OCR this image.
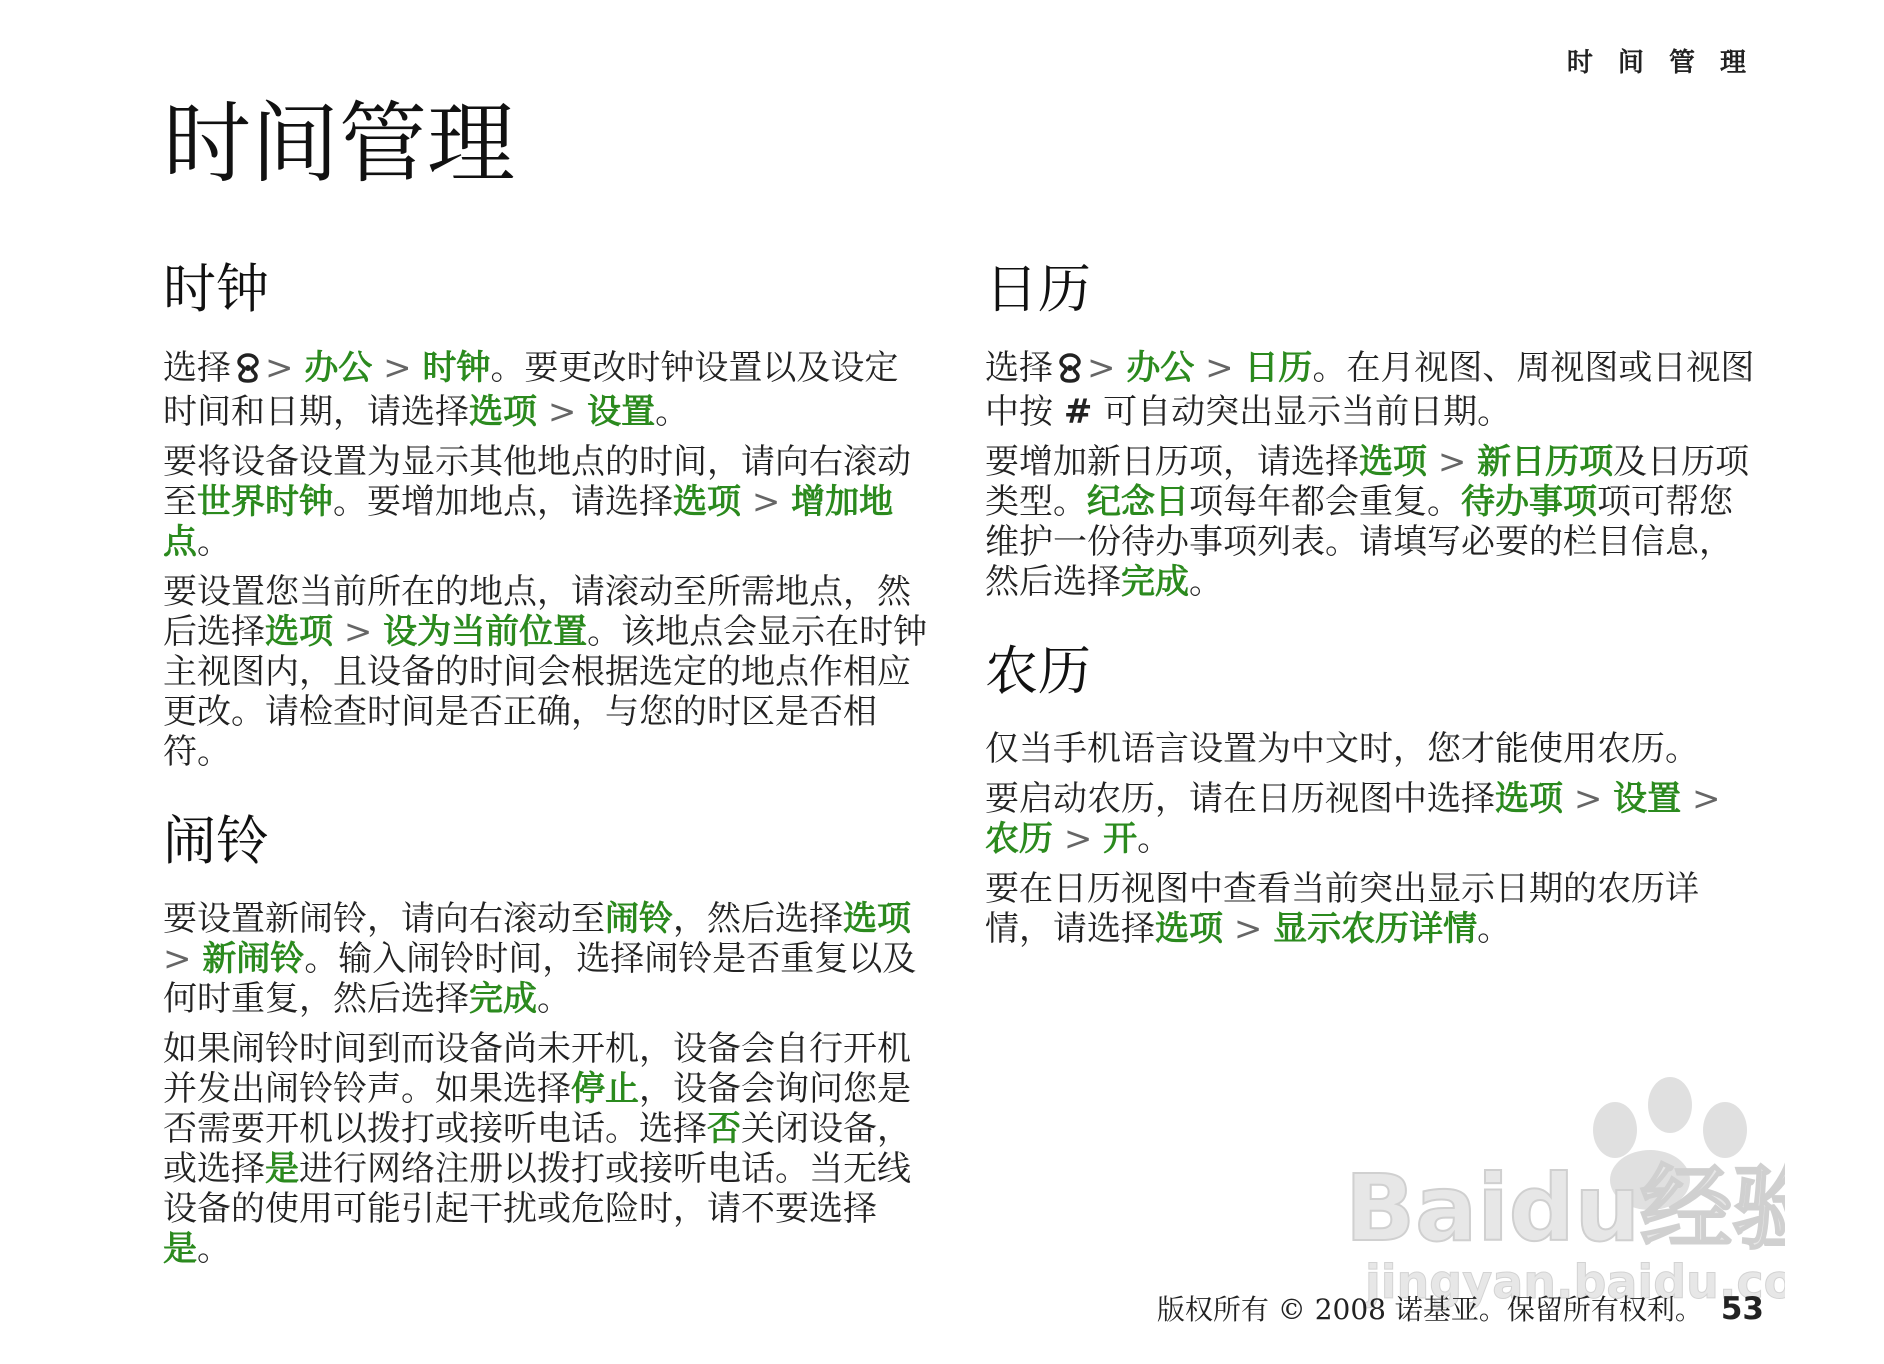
时 间 管 理
时间管理
时钟

选择 > 办公 > 时钟。要更改时钟设置以及设定时间和日期，请选择选项 > 设置。

要将设备设置为显示其他地点的时间，请向右滚动至世界时钟。要增加地点，请选择选项 > 增加地点。

要设置您当前所在的地点，请滚动至所需地点，然后选择选项 > 设为当前位置。该地点会显示在时钟主视图内，且设备的时间会根据选定的地点作相应更改。请检查时间是否正确，与您的时区是否相符。

闹铃

要设置新闹铃，请向右滚动至闹铃，然后选择选项 > 新闹铃。输入闹铃时间，选择闹铃是否重复以及何时重复，然后选择完成。

如果闹铃时间到而设备尚未开机，设备会自行开机并发出闹铃铃声。如果选择停止，设备会询问您是否需要开机以拨打或接听电话。选择否关闭设备，或选择是进行网络注册以拨打或接听电话。当无线设备的使用可能引起干扰或危险时，请不要选择是。

日历

选择 > 办公 > 日历。在月视图、周视图或日视图中按 # 可自动突出显示当前日期。

要增加新日历项，请选择选项 > 新日历项及日历项类型。纪念日项每年都会重复。待办事项项可帮您维护一份待办事项列表。请填写必要的栏目信息，然后选择完成。

农历

仅当手机语言设置为中文时，您才能使用农历。

要启动农历，请在日历视图中选择选项 > 设置 > 农历 > 开。

要在日历视图中查看当前突出显示日期的农历详情，请选择选项 > 显示农历详情。

Baidu经验
jingyan.baidu.co
版权所有 © 2008 诺基亚。保留所有权利。 53
